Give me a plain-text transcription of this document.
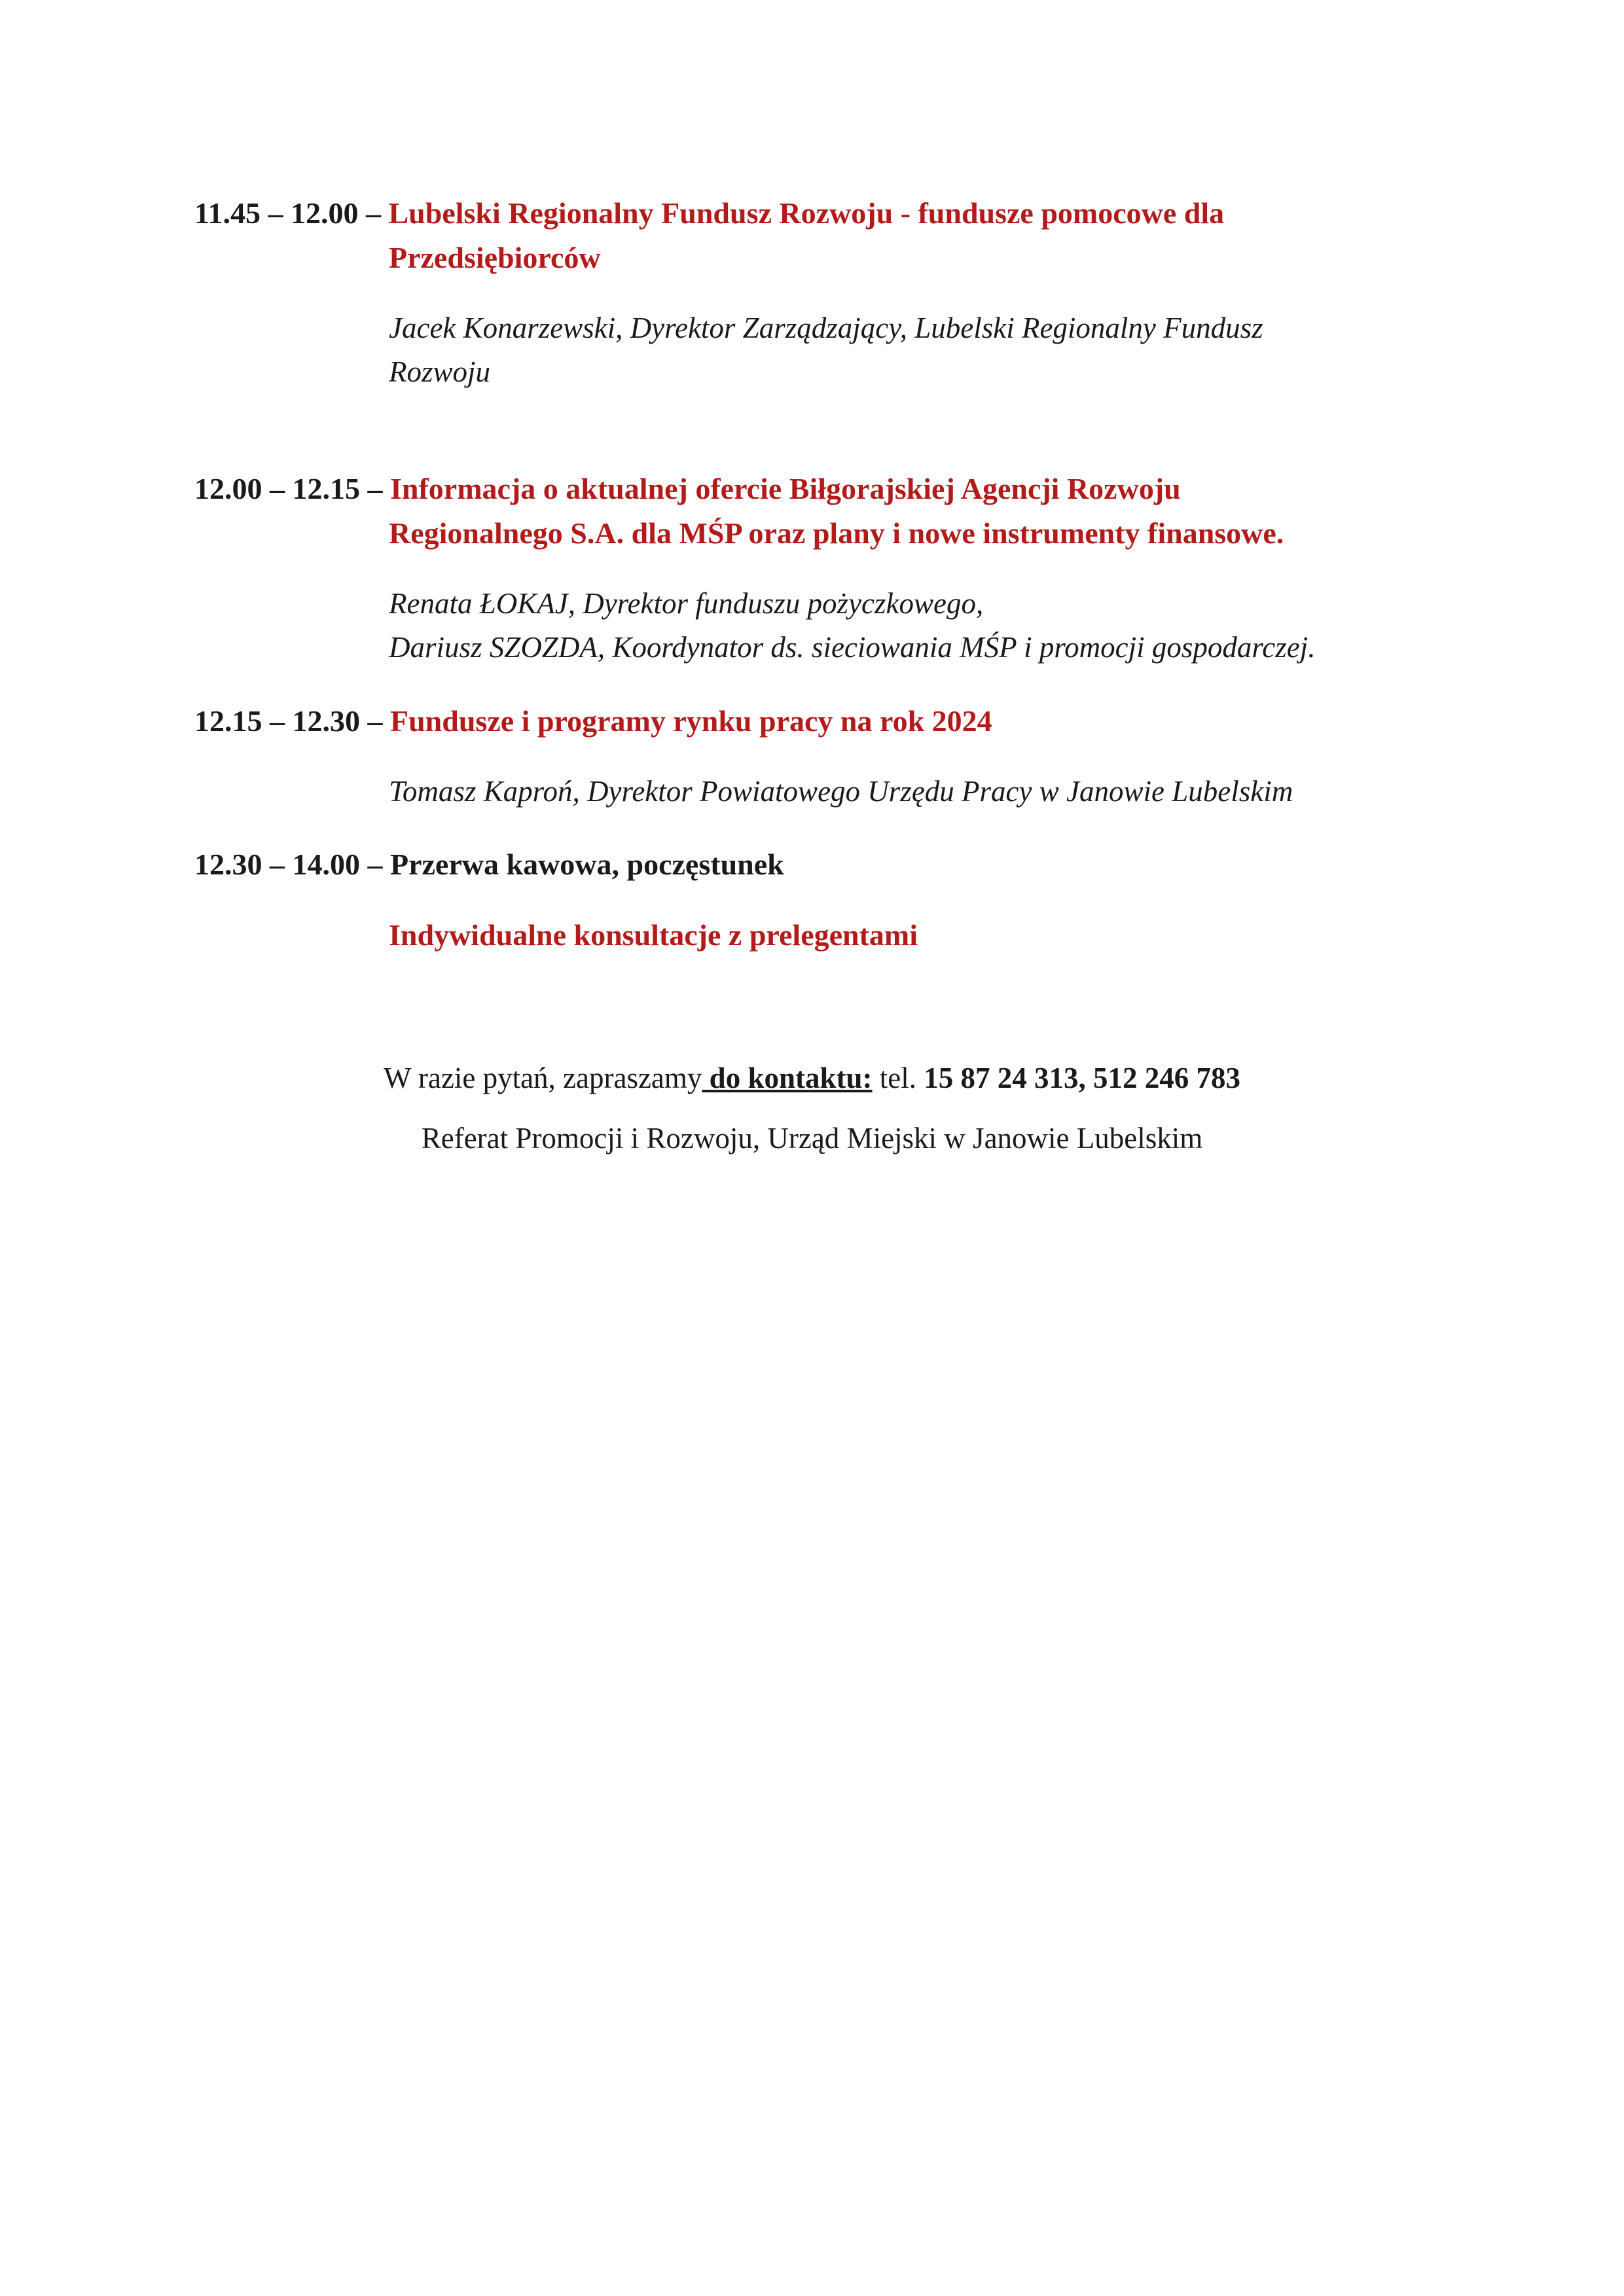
11.45 – 12.00 – Lubelski Regionalny Fundusz Rozwoju - fundusze pomocowe dla
Przedsiębiorców
Jacek Konarzewski, Dyrektor Zarządzający, Lubelski Regionalny Fundusz
Rozwoju
12.00 – 12.15 – Informacja o aktualnej ofercie Biłgorajskiej Agencji Rozwoju
Regionalnego S.A. dla MŚP oraz plany i nowe instrumenty finansowe.
Renata ŁOKAJ, Dyrektor funduszu pożyczkowego,
Dariusz SZOZDA, Koordynator ds. sieciowania MŚP i promocji gospodarczej.
12.15 – 12.30 – Fundusze i programy rynku pracy na rok 2024
Tomasz Kaproń, Dyrektor Powiatowego Urzędu Pracy w Janowie Lubelskim
12.30 – 14.00 – Przerwa kawowa, poczęstunek
Indywidualne konsultacje z prelegentami
W razie pytań, zapraszamy do kontaktu: tel. 15 87 24 313, 512 246 783
Referat Promocji i Rozwoju, Urząd Miejski w Janowie Lubelskim
